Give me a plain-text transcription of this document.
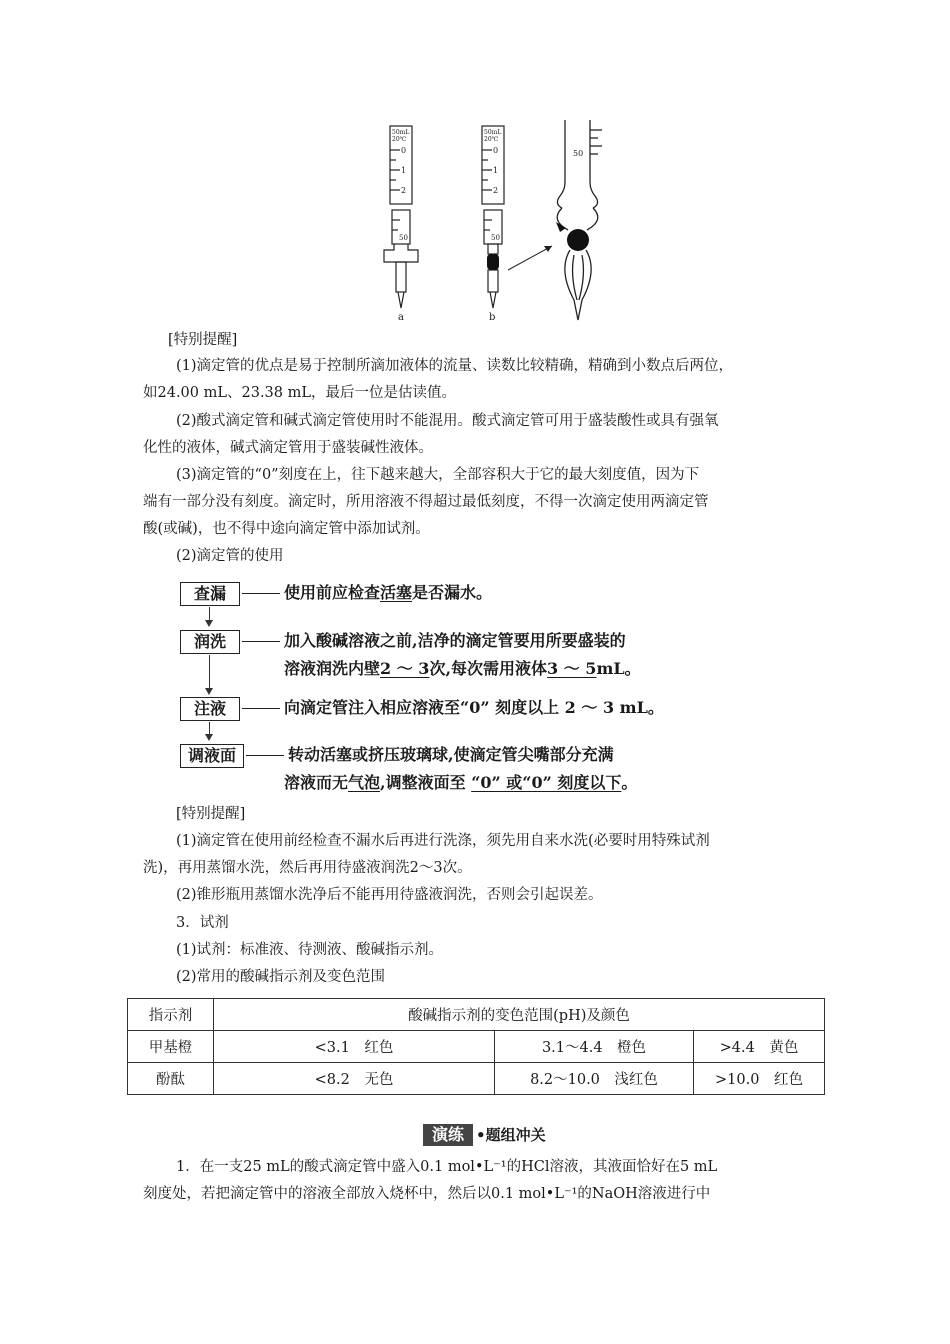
50mL
20℃
0
1
2
50
a
50mL
20℃
0
1
2
50
b
50
[特别提醒]
(1)滴定管的优点是易于控制所滴加液体的流量、读数比较精确，精确到小数点后两位，
如24.00 mL、23.38 mL，最后一位是估读值。
(2)酸式滴定管和碱式滴定管使用时不能混用。酸式滴定管可用于盛装酸性或具有强氧
化性的液体，碱式滴定管用于盛装碱性液体。
(3)滴定管的“0”刻度在上，往下越来越大，全部容积大于它的最大刻度值，因为下
端有一部分没有刻度。滴定时，所用溶液不得超过最低刻度，不得一次滴定使用两滴定管
酸(或碱)，也不得中途向滴定管中添加试剂。
(2)滴定管的使用
查漏	使用前应检查活塞是否漏水。
润洗	加入酸碱溶液之前,洁净的滴定管要用所要盛装的
溶液润洗内壁2 ～ 3次,每次需用液体3 ～ 5mL。
注液	向滴定管注入相应溶液至“0” 刻度以上 2 ～ 3 mL。
调液面	转动活塞或挤压玻璃球,使滴定管尖嘴部分充满
溶液而无气泡,调整液面至 “0” 或“0” 刻度以下。
[特别提醒]
(1)滴定管在使用前经检查不漏水后再进行洗涤，须先用自来水洗(必要时用特殊试剂
洗)，再用蒸馏水洗，然后再用待盛液润洗2～3次。
(2)锥形瓶用蒸馏水洗净后不能再用待盛液润洗，否则会引起误差。
3．试剂
(1)试剂：标准液、待测液、酸碱指示剂。
(2)常用的酸碱指示剂及变色范围
指示剂	酸碱指示剂的变色范围(pH)及颜色		
甲基橙	<3.1　红色	3.1～4.4　橙色	>4.4　黄色
酚酞	<8.2　无色	8.2～10.0　浅红色	>10.0　红色
演练 •题组冲关
1．在一支25 mL的酸式滴定管中盛入0.1 mol•L⁻¹的HCl溶液，其液面恰好在5 mL
刻度处，若把滴定管中的溶液全部放入烧杯中，然后以0.1 mol•L⁻¹的NaOH溶液进行中
